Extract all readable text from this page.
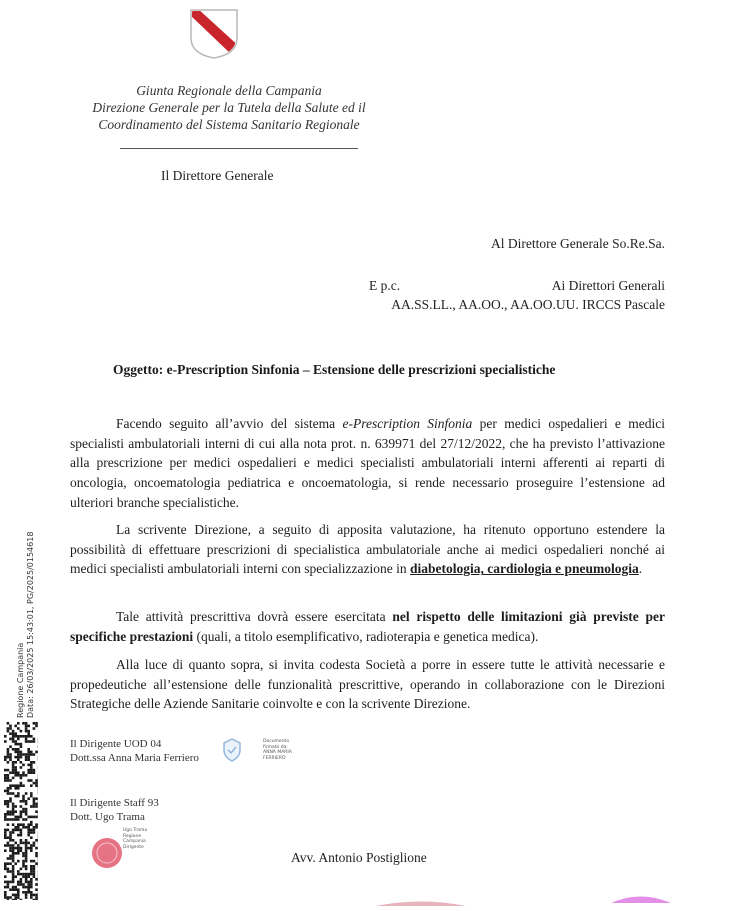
Giunta Regionale della Campania
Direzione Generale per la Tutela della Salute ed il
Coordinamento del Sistema Sanitario Regionale
Il Direttore Generale
Al Direttore Generale So.Re.Sa.
E p.c.	Ai Direttori Generali
AA.SS.LL., AA.OO., AA.OO.UU. IRCCS Pascale
Oggetto: e-Prescription Sinfonia – Estensione delle prescrizioni specialistiche
Facendo seguito all’avvio del sistema e-Prescription Sinfonia per medici ospedalieri e medici specialisti ambulatoriali interni di cui alla nota prot. n. 639971 del 27/12/2022, che ha previsto l’attivazione alla prescrizione per medici ospedalieri e medici specialisti ambulatoriali interni afferenti ai reparti di oncologia, oncoematologia pediatrica e oncoematologia, si rende necessario proseguire l’estensione ad ulteriori branche specialistiche.
La scrivente Direzione, a seguito di apposita valutazione, ha ritenuto opportuno estendere la possibilità di effettuare prescrizioni di specialistica ambulatoriale anche ai medici ospedalieri nonché ai medici specialisti ambulatoriali interni con specializzazione in diabetologia, cardiologia e pneumologia.
Tale attività prescrittiva dovrà essere esercitata nel rispetto delle limitazioni già previste per specifiche prestazioni (quali, a titolo esemplificativo, radioterapia e genetica medica).
Alla luce di quanto sopra, si invita codesta Società a porre in essere tutte le attività necessarie e propedeutiche all’estensione delle funzionalità prescrittive, operando in collaborazione con le Direzioni Strategiche delle Aziende Sanitarie coinvolte e con la scrivente Direzione.
Il Dirigente UOD 04
Dott.ssa Anna Maria Ferriero
Documento
firmato da:
ANNA MARIA
FERRIERO
Il Dirigente Staff 93
Dott. Ugo Trama
Ugo Trama
Regione
Campania
Dirigente
Avv. Antonio Postiglione
Regione Campania Data: 26/03/2025 15:43:01, PG/2025/0154618
